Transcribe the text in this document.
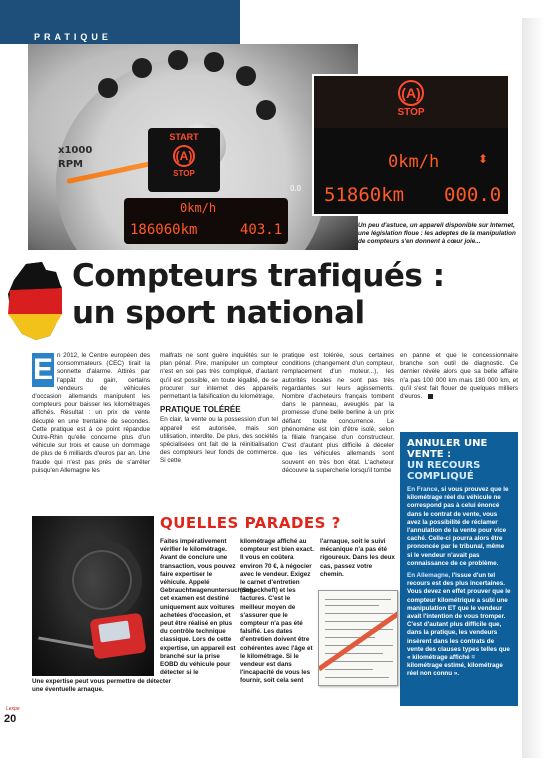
PRATIQUE
x1000
RPM
START
(A)
STOP
0km/h
186060km	403.1
0.0
(A)
STOP
0km/h	⬍
51860km 000.0
Un peu d'astuce, un appareil disponible sur Internet, une législation floue : les adeptes de la manipulation de compteurs s'en donnent à cœur joie...
Compteurs trafiqués :
un sport national
E n 2012, le Centre européen des consommateurs (CEC) tirait la sonnette d'alarme. Attirés par l'appât du gain, certains vendeurs de véhicules d'occasion allemands manipulent les compteurs pour baisser les kilométrages affichés. Résultat : un prix de vente décuplé en une trentaine de secondes. Cette pratique est à ce point répandue Outre-Rhin qu'elle concerne plus d'un véhicule sur trois et cause un dommage de plus de 6 milliards d'euros par an. Une fraude qui n'est pas près de s'arrêter puisqu'en Allemagne les
malfrats ne sont guère inquiétés sur le plan pénal. Pire, manipuler un compteur n'est en soi pas très compliqué, d'autant qu'il est possible, en toute légalité, de se procurer sur internet des appareils permettant la falsification du kilométrage.
PRATIQUE TOLÉRÉE
En clair, la vente ou la possession d'un tel appareil est autorisée, mais son utilisation, interdite. De plus, des sociétés spécialisées ont fait de la réinitialisation des compteurs leur fonds de commerce. Si cette
pratique est tolérée, sous certaines conditions (changement d'un compteur, remplacement d'un moteur...), les autorités locales ne sont pas très regardantes sur leurs agissements. Nombre d'acheteurs français tombent dans le panneau, aveuglés par la promesse d'une belle berline à un prix défiant toute concurrence. Le phénomène est loin d'être isolé, selon la filiale française d'un constructeur. C'est d'autant plus difficile à déceler que les véhicules allemands sont souvent en très bon état. L'acheteur découvre la supercherie lorsqu'il tombe
en panne et que le concessionnaire branche son outil de diagnostic. Ce dernier révèle alors que sa belle affaire n'a pas 100 000 km mais 180 000 km, et qu'il s'est fait flouer de quelques milliers d'euros.
ANNULER UNE VENTE :
UN RECOURS COMPLIQUÉ

En France, si vous prouvez que le kilométrage réel du véhicule ne correspond pas à celui énoncé dans le contrat de vente, vous avez la possibilité de réclamer l'annulation de la vente pour vice caché. Celle-ci pourra alors être prononcée par le tribunal, même si le vendeur n'avait pas connaissance de ce problème.

En Allemagne, l'issue d'un tel recours est des plus incertaines. Vous devez en effet prouver que le compteur kilométrique a subi une manipulation ET que le vendeur avait l'intention de vous tromper. C'est d'autant plus difficile que, dans la pratique, les vendeurs insèrent dans les contrats de vente des clauses types telles que « kilométrage affiché = kilométrage estimé, kilométrage réel non connu ».

Une expertise peut vous permettre de détecter une éventuelle arnaque.
QUELLES PARADES ?
Faites impérativement vérifier le kilométrage. Avant de conclure une transaction, vous pouvez faire expertiser le véhicule. Appelé Gebrauchtwagenuntersuchung, cet examen est destiné uniquement aux voitures achetées d'occasion, et peut être réalisé en plus du contrôle technique classique. Lors de cette expertise, un appareil est branché sur la prise EOBD du véhicule pour détecter si le
kilométrage affiché au compteur est bien exact. Il vous en coûtera environ 70 €, à négocier avec le vendeur. Exigez le carnet d'entretien (Scheckheft) et les factures. C'est le meilleur moyen de s'assurer que le compteur n'a pas été falsifié. Les dates d'entretien doivent être cohérentes avec l'âge et le kilométrage. Si le vendeur est dans l'incapacité de vous les fournir, soit cela sent
l'arnaque, soit le suivi mécanique n'a pas été rigoureux. Dans les deux cas, passez votre chemin.
Lexpe
20
